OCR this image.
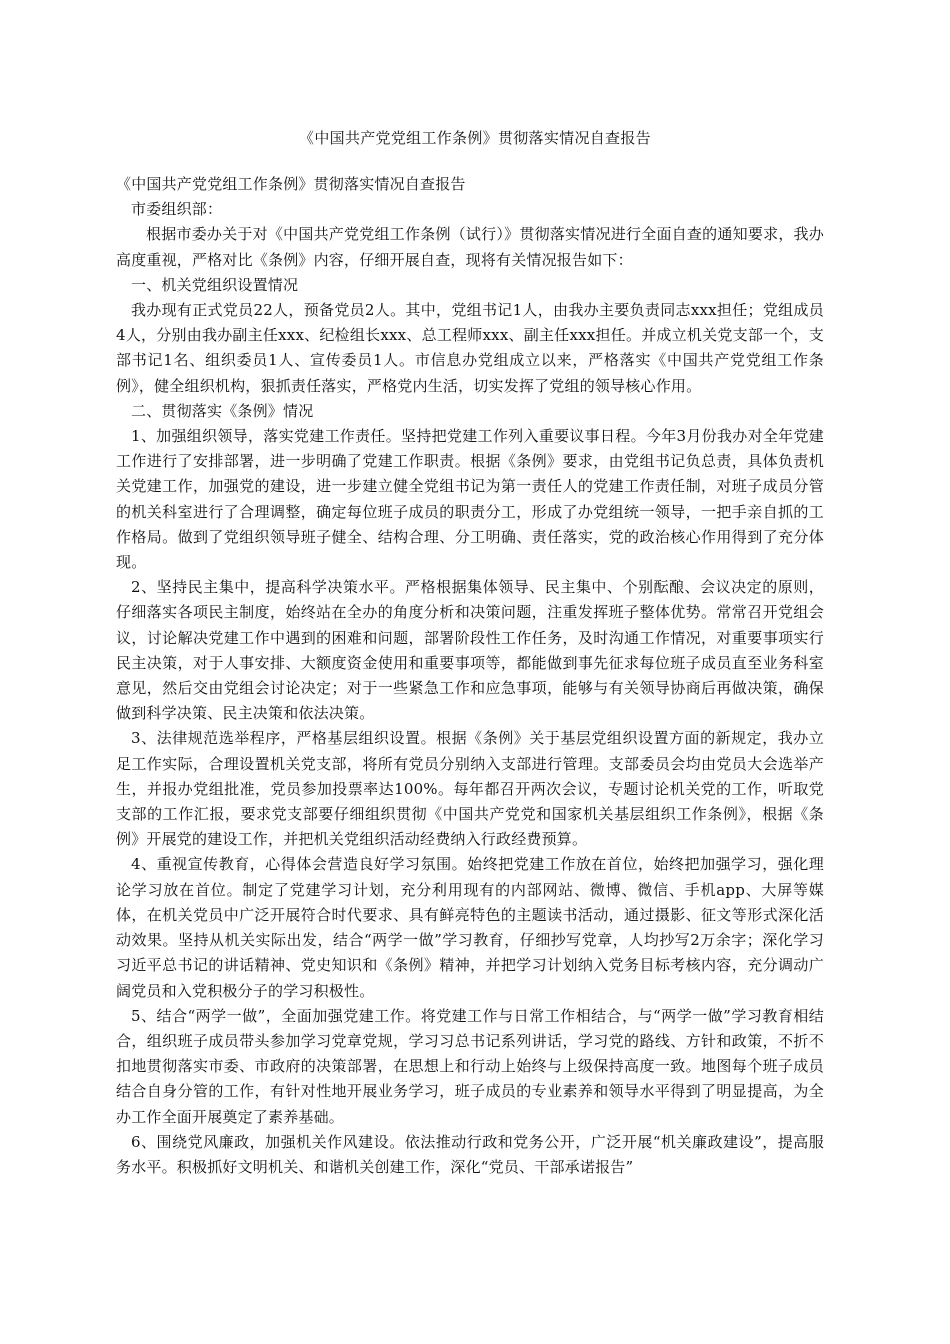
《中国共产党党组工作条例》贯彻落实情况自查报告

《中国共产党党组工作条例》贯彻落实情况自查报告

市委组织部：

根据市委办关于对《中国共产党党组工作条例（试行）》贯彻落实情况进行全面自查的通知要求，我办高度重视，严格对比《条例》内容，仔细开展自查，现将有关情况报告如下：

一、机关党组织设置情况

我办现有正式党员22人，预备党员2人。其中，党组书记1人，由我办主要负责同志xxx担任；党组成员4人，分别由我办副主任xxx、纪检组长xxx、总工程师xxx、副主任xxx担任。并成立机关党支部一个，支部书记1名、组织委员1人、宣传委员1人。市信息办党组成立以来，严格落实《中国共产党党组工作条例》，健全组织机构，狠抓责任落实，严格党内生活，切实发挥了党组的领导核心作用。

二、贯彻落实《条例》情况

1、加强组织领导，落实党建工作责任。坚持把党建工作列入重要议事日程。今年3月份我办对全年党建工作进行了安排部署，进一步明确了党建工作职责。根据《条例》要求，由党组书记负总责，具体负责机关党建工作，加强党的建设，进一步建立健全党组书记为第一责任人的党建工作责任制，对班子成员分管的机关科室进行了合理调整，确定每位班子成员的职责分工，形成了办党组统一领导，一把手亲自抓的工作格局。做到了党组织领导班子健全、结构合理、分工明确、责任落实，党的政治核心作用得到了充分体现。

2、坚持民主集中，提高科学决策水平。严格根据集体领导、民主集中、个别酝酿、会议决定的原则，仔细落实各项民主制度，始终站在全办的角度分析和决策问题，注重发挥班子整体优势。常常召开党组会议，讨论解决党建工作中遇到的困难和问题，部署阶段性工作任务，及时沟通工作情况，对重要事项实行民主决策，对于人事安排、大额度资金使用和重要事项等，都能做到事先征求每位班子成员直至业务科室意见，然后交由党组会讨论决定；对于一些紧急工作和应急事项，能够与有关领导协商后再做决策，确保做到科学决策、民主决策和依法决策。

3、法律规范选举程序，严格基层组织设置。根据《条例》关于基层党组织设置方面的新规定，我办立足工作实际，合理设置机关党支部，将所有党员分别纳入支部进行管理。支部委员会均由党员大会选举产生，并报办党组批准，党员参加投票率达100%。每年都召开两次会议，专题讨论机关党的工作，听取党支部的工作汇报，要求党支部要仔细组织贯彻《中国共产党党和国家机关基层组织工作条例》，根据《条例》开展党的建设工作，并把机关党组织活动经费纳入行政经费预算。

4、重视宣传教育，心得体会营造良好学习氛围。始终把党建工作放在首位，始终把加强学习，强化理论学习放在首位。制定了党建学习计划，充分利用现有的内部网站、微博、微信、手机app、大屏等媒体，在机关党员中广泛开展符合时代要求、具有鲜亮特色的主题读书活动，通过摄影、征文等形式深化活动效果。坚持从机关实际出发，结合“两学一做”学习教育，仔细抄写党章，人均抄写2万余字；深化学习习近平总书记的讲话精神、党史知识和《条例》精神，并把学习计划纳入党务目标考核内容，充分调动广阔党员和入党积极分子的学习积极性。

5、结合“两学一做”，全面加强党建工作。将党建工作与日常工作相结合，与“两学一做”学习教育相结合，组织班子成员带头参加学习党章党规，学习习总书记系列讲话，学习党的路线、方针和政策，不折不扣地贯彻落实市委、市政府的决策部署，在思想上和行动上始终与上级保持高度一致。地图每个班子成员结合自身分管的工作，有针对性地开展业务学习，班子成员的专业素养和领导水平得到了明显提高，为全办工作全面开展奠定了素养基础。

6、围绕党风廉政，加强机关作风建设。依法推动行政和党务公开，广泛开展“机关廉政建设”，提高服务水平。积极抓好文明机关、和谐机关创建工作，深化“党员、干部承诺报告”
